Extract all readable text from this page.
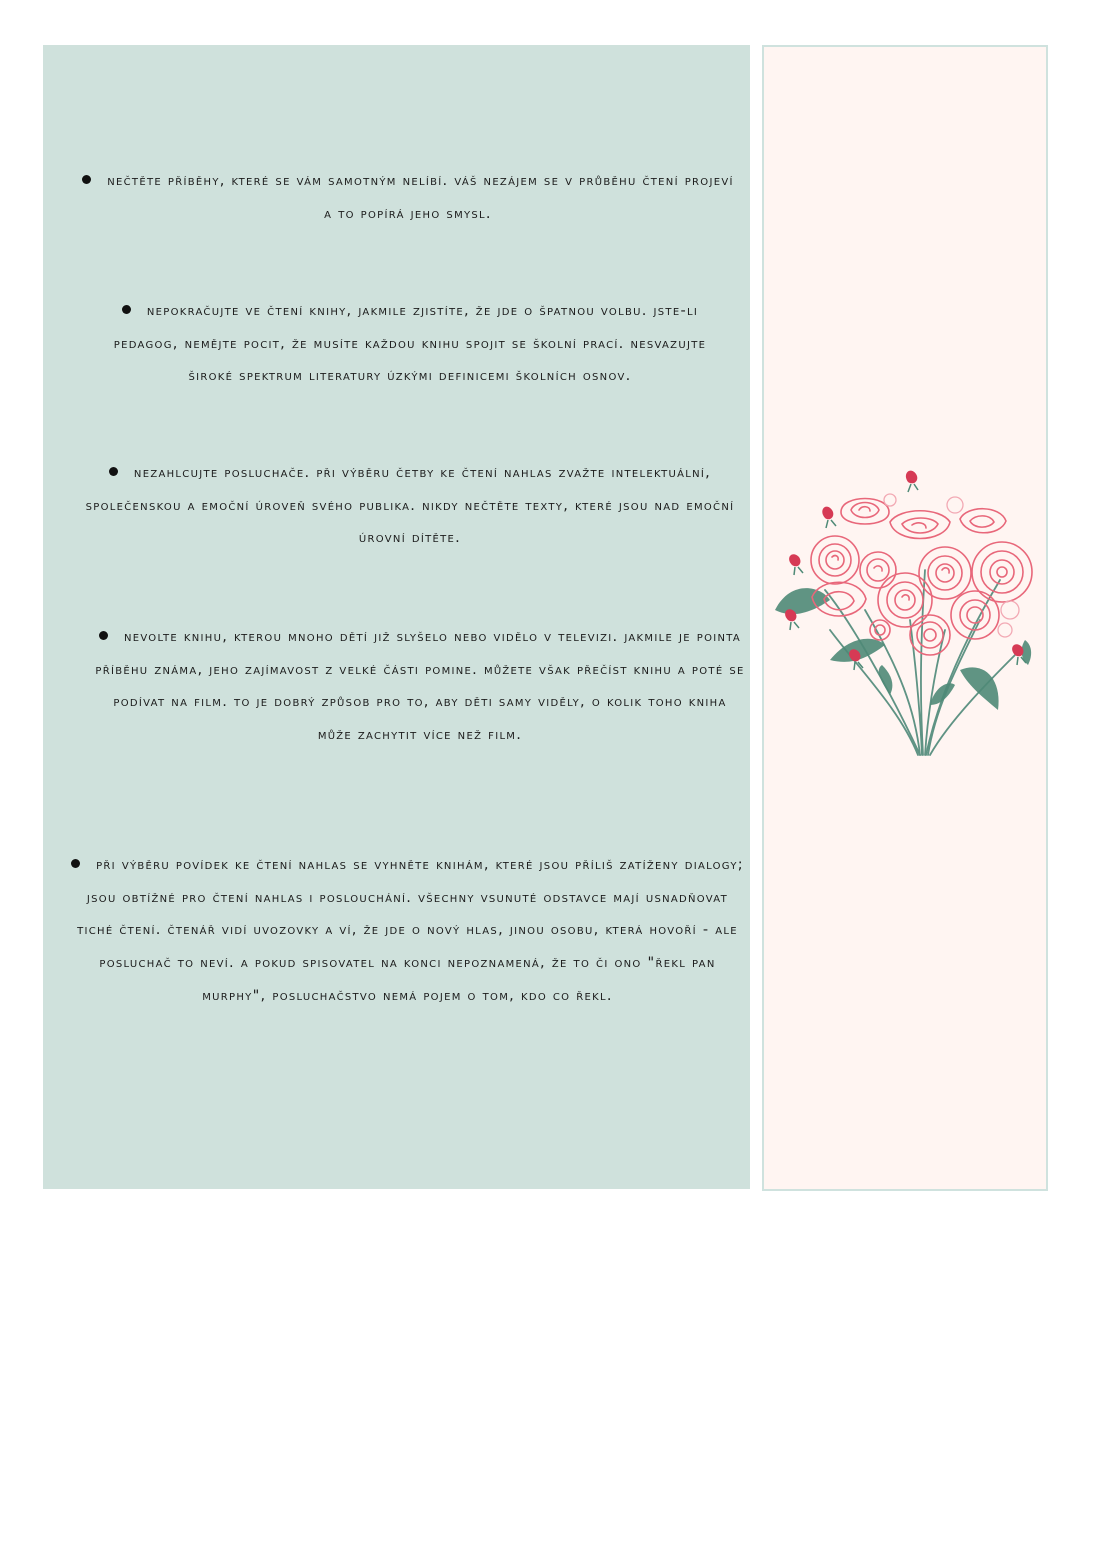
nečtěte příběhy, které se vám samotným nelíbí. váš nezájem se v průběhu čtení projeví a to popírá jeho smysl.

nepokračujte ve čtení knihy, jakmile zjistíte, že jde o špatnou volbu. jste-li pedagog, nemějte pocit, že musíte každou knihu spojit se školní prací. nesvazujte široké spektrum literatury úzkými definicemi školních osnov.

nezahlcujte posluchače. při výběru četby ke čtení nahlas zvažte intelektuální, společenskou a emoční úroveň svého publika. nikdy nečtěte texty, které jsou nad emoční úrovní dítěte.

nevolte knihu, kterou mnoho dětí již slyšelo nebo vidělo v televizi. jakmile je pointa příběhu známa, jeho zajímavost z velké části pomine. můžete však přečíst knihu a poté se podívat na film. to je dobrý způsob pro to, aby děti samy viděly, o kolik toho kniha může zachytit více než film.

při výběru povídek ke čtení nahlas se vyhněte knihám, které jsou příliš zatíženy dialogy; jsou obtížné pro čtení nahlas i poslouchání. všechny vsunuté odstavce mají usnadňovat tiché čtení. čtenář vidí uvozovky a ví, že jde o nový hlas, jinou osobu, která hovoří - ale posluchač to neví. a pokud spisovatel na konci nepoznamená, že to či ono "řekl pan murphy", posluchačstvo nemá pojem o tom, kdo co řekl.
